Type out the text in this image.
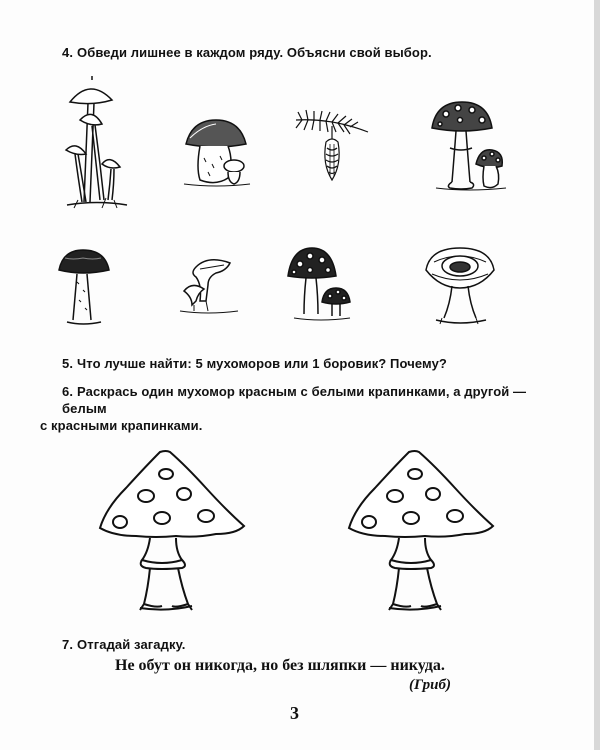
4. Обведи лишнее в каждом ряду. Объясни свой выбор.
5. Что лучше найти: 5 мухоморов или 1 боровик? Почему?
6. Раскрась один мухомор красным с белыми крапинками, а другой — белым
с красными крапинками.
7. Отгадай загадку.
Не обут он никогда, но без шляпки — никуда.
(Гриб)
3
